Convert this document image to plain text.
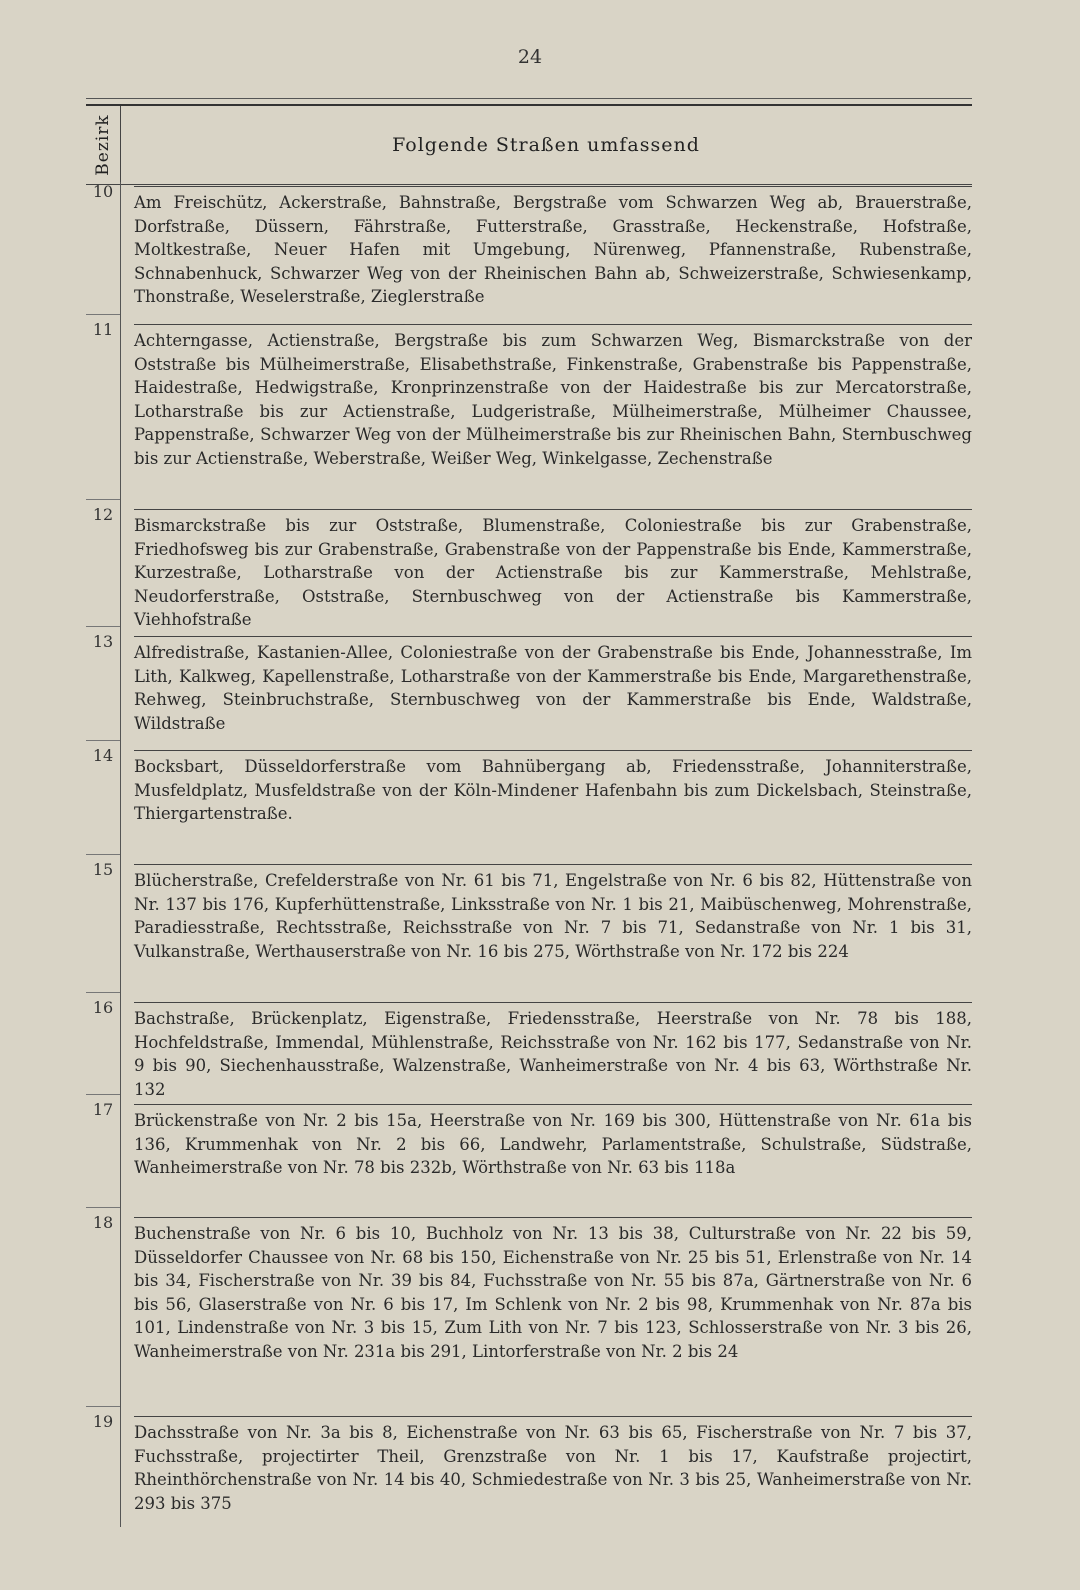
24
Bezirk	Folgende Straßen umfassend
10
Am Freischütz, Ackerstraße, Bahnstraße, Bergstraße vom Schwarzen Weg ab, Brauerstraße, Dorfstraße, Düssern, Fährstraße, Futterstraße, Grasstraße, Heckenstraße, Hofstraße, Moltkestraße, Neuer Hafen mit Umgebung, Nürenweg, Pfannenstraße, Rubenstraße, Schnabenhuck, Schwarzer Weg von der Rheinischen Bahn ab, Schweizerstraße, Schwiesenkamp, Thonstraße, Weselerstraße, Zieglerstraße
11
Achterngasse, Actienstraße, Bergstraße bis zum Schwarzen Weg, Bismarckstraße von der Oststraße bis Mülheimerstraße, Elisabethstraße, Finkenstraße, Grabenstraße bis Pappenstraße, Haidestraße, Hedwigstraße, Kronprinzenstraße von der Haidestraße bis zur Mercatorstraße, Lotharstraße bis zur Actienstraße, Ludgeristraße, Mülheimerstraße, Mülheimer Chaussee, Pappenstraße, Schwarzer Weg von der Mülheimerstraße bis zur Rheinischen Bahn, Sternbuschweg bis zur Actienstraße, Weberstraße, Weißer Weg, Winkelgasse, Zechenstraße
12
Bismarckstraße bis zur Oststraße, Blumenstraße, Coloniestraße bis zur Grabenstraße, Friedhofsweg bis zur Grabenstraße, Grabenstraße von der Pappenstraße bis Ende, Kammerstraße, Kurzestraße, Lotharstraße von der Actienstraße bis zur Kammerstraße, Mehlstraße, Neudorferstraße, Oststraße, Sternbuschweg von der Actienstraße bis Kammerstraße, Viehhofstraße
13
Alfredistraße, Kastanien-Allee, Coloniestraße von der Grabenstraße bis Ende, Johannesstraße, Im Lith, Kalkweg, Kapellenstraße, Lotharstraße von der Kammerstraße bis Ende, Margarethenstraße, Rehweg, Steinbruchstraße, Sternbuschweg von der Kammerstraße bis Ende, Waldstraße, Wildstraße
14
Bocksbart, Düsseldorferstraße vom Bahnübergang ab, Friedensstraße, Johanniterstraße, Musfeldplatz, Musfeldstraße von der Köln-Mindener Hafenbahn bis zum Dickelsbach, Steinstraße, Thiergartenstraße.
15
Blücherstraße, Crefelderstraße von Nr. 61 bis 71, Engelstraße von Nr. 6 bis 82, Hüttenstraße von Nr. 137 bis 176, Kupferhüttenstraße, Linksstraße von Nr. 1 bis 21, Maibüschenweg, Mohrenstraße, Paradiesstraße, Rechtsstraße, Reichsstraße von Nr. 7 bis 71, Sedanstraße von Nr. 1 bis 31, Vulkanstraße, Werthauserstraße von Nr. 16 bis 275, Wörthstraße von Nr. 172 bis 224
16
Bachstraße, Brückenplatz, Eigenstraße, Friedensstraße, Heerstraße von Nr. 78 bis 188, Hochfeldstraße, Immendal, Mühlenstraße, Reichsstraße von Nr. 162 bis 177, Sedanstraße von Nr. 9 bis 90, Siechenhausstraße, Walzenstraße, Wanheimerstraße von Nr. 4 bis 63, Wörthstraße Nr. 132
17
Brückenstraße von Nr. 2 bis 15a, Heerstraße von Nr. 169 bis 300, Hüttenstraße von Nr. 61a bis 136, Krummenhak von Nr. 2 bis 66, Landwehr, Parlamentstraße, Schulstraße, Südstraße, Wanheimerstraße von Nr. 78 bis 232b, Wörthstraße von Nr. 63 bis 118a
18
Buchenstraße von Nr. 6 bis 10, Buchholz von Nr. 13 bis 38, Culturstraße von Nr. 22 bis 59, Düsseldorfer Chaussee von Nr. 68 bis 150, Eichenstraße von Nr. 25 bis 51, Erlenstraße von Nr. 14 bis 34, Fischerstraße von Nr. 39 bis 84, Fuchsstraße von Nr. 55 bis 87a, Gärtnerstraße von Nr. 6 bis 56, Glaserstraße von Nr. 6 bis 17, Im Schlenk von Nr. 2 bis 98, Krummenhak von Nr. 87a bis 101, Lindenstraße von Nr. 3 bis 15, Zum Lith von Nr. 7 bis 123, Schlosserstraße von Nr. 3 bis 26, Wanheimerstraße von Nr. 231a bis 291, Lintorferstraße von Nr. 2 bis 24
19
Dachsstraße von Nr. 3a bis 8, Eichenstraße von Nr. 63 bis 65, Fischerstraße von Nr. 7 bis 37, Fuchsstraße, projectirter Theil, Grenzstraße von Nr. 1 bis 17, Kaufstraße projectirt, Rheinthörchenstraße von Nr. 14 bis 40, Schmiedestraße von Nr. 3 bis 25, Wanheimerstraße von Nr. 293 bis 375
